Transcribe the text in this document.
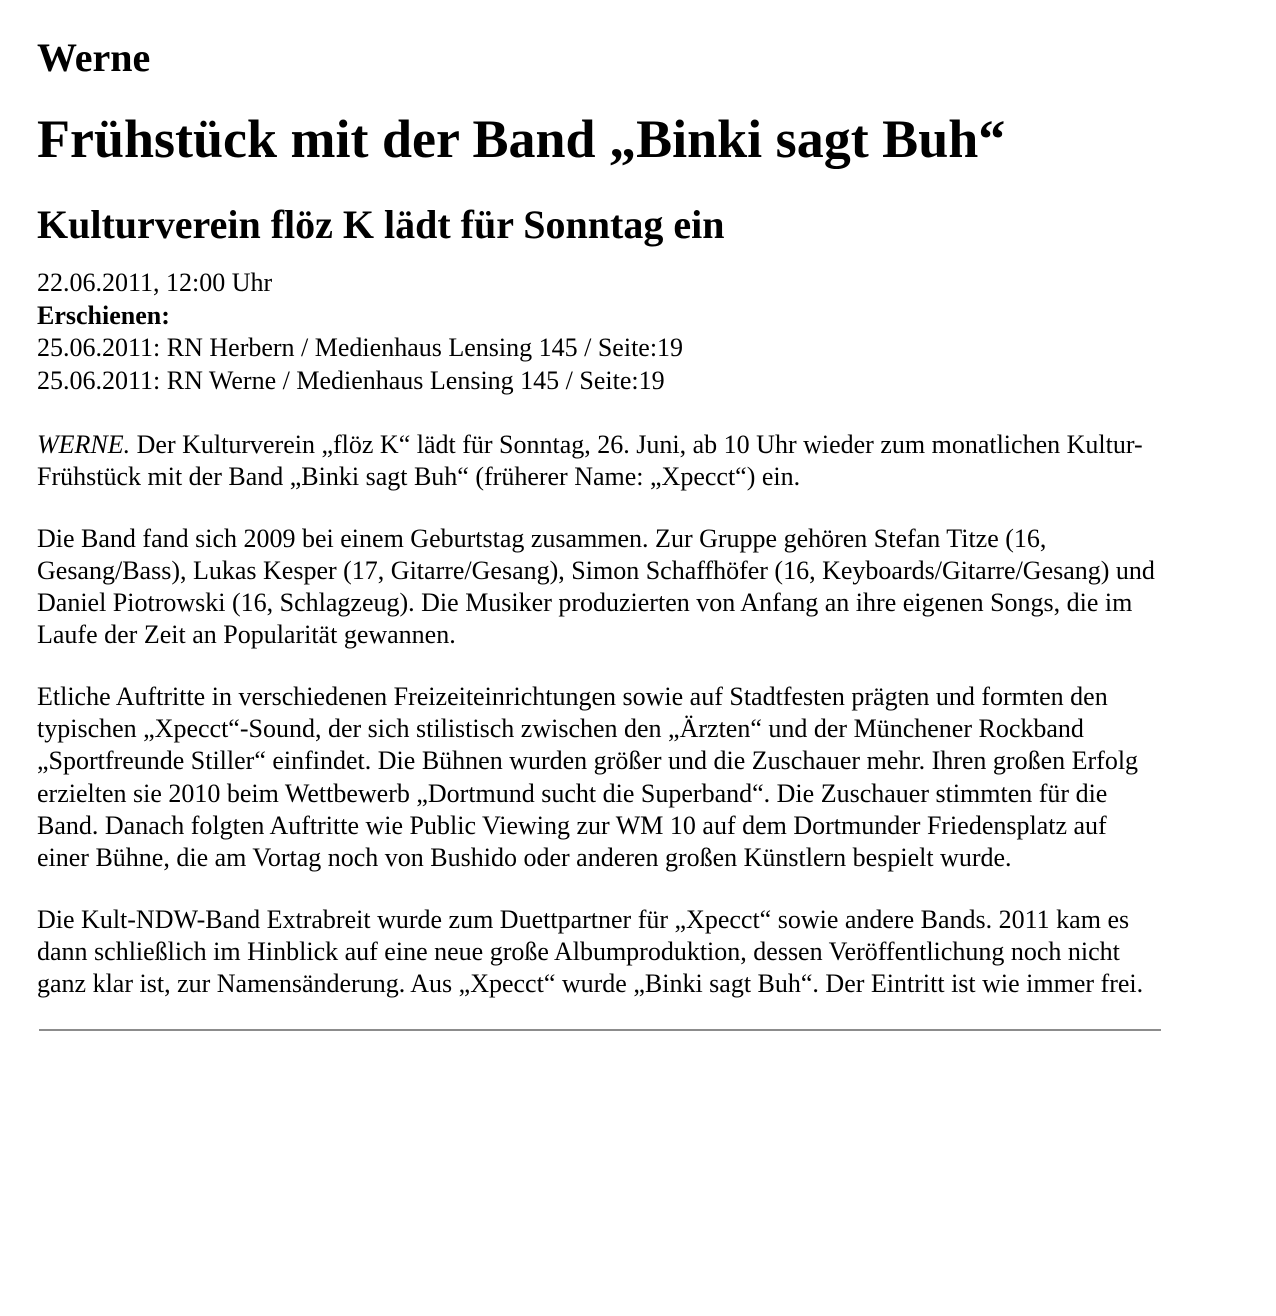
Werne
Frühstück mit der Band „Binki sagt Buh“
Kulturverein flöz K lädt für Sonntag ein
22.06.2011, 12:00 Uhr
Erschienen:
25.06.2011: RN Herbern / Medienhaus Lensing 145 / Seite:19
25.06.2011: RN Werne / Medienhaus Lensing 145 / Seite:19

WERNE. Der Kulturverein „flöz K“ lädt für Sonntag, 26. Juni, ab 10 Uhr wieder zum monatlichen Kultur-Frühstück mit der Band „Binki sagt Buh“ (früherer Name: „Xpecct“) ein.

Die Band fand sich 2009 bei einem Geburtstag zusammen. Zur Gruppe gehören Stefan Titze (16, Gesang/Bass), Lukas Kesper (17, Gitarre/Gesang), Simon Schaffhöfer (16, Keyboards/Gitarre/Gesang) und Daniel Piotrowski (16, Schlagzeug). Die Musiker produzierten von Anfang an ihre eigenen Songs, die im Laufe der Zeit an Popularität gewannen.

Etliche Auftritte in verschiedenen Freizeiteinrichtungen sowie auf Stadtfesten prägten und formten den typischen „Xpecct“-Sound, der sich stilistisch zwischen den „Ärzten“ und der Münchener Rockband „Sportfreunde Stiller“ einfindet. Die Bühnen wurden größer und die Zuschauer mehr. Ihren großen Erfolg erzielten sie 2010 beim Wettbewerb „Dortmund sucht die Superband“. Die Zuschauer stimmten für die Band. Danach folgten Auftritte wie Public Viewing zur WM 10 auf dem Dortmunder Friedensplatz auf einer Bühne, die am Vortag noch von Bushido oder anderen großen Künstlern bespielt wurde.

Die Kult-NDW-Band Extrabreit wurde zum Duettpartner für „Xpecct“ sowie andere Bands. 2011 kam es dann schließlich im Hinblick auf eine neue große Albumproduktion, dessen Veröffentlichung noch nicht ganz klar ist, zur Namensänderung. Aus „Xpecct“ wurde „Binki sagt Buh“. Der Eintritt ist wie immer frei.
